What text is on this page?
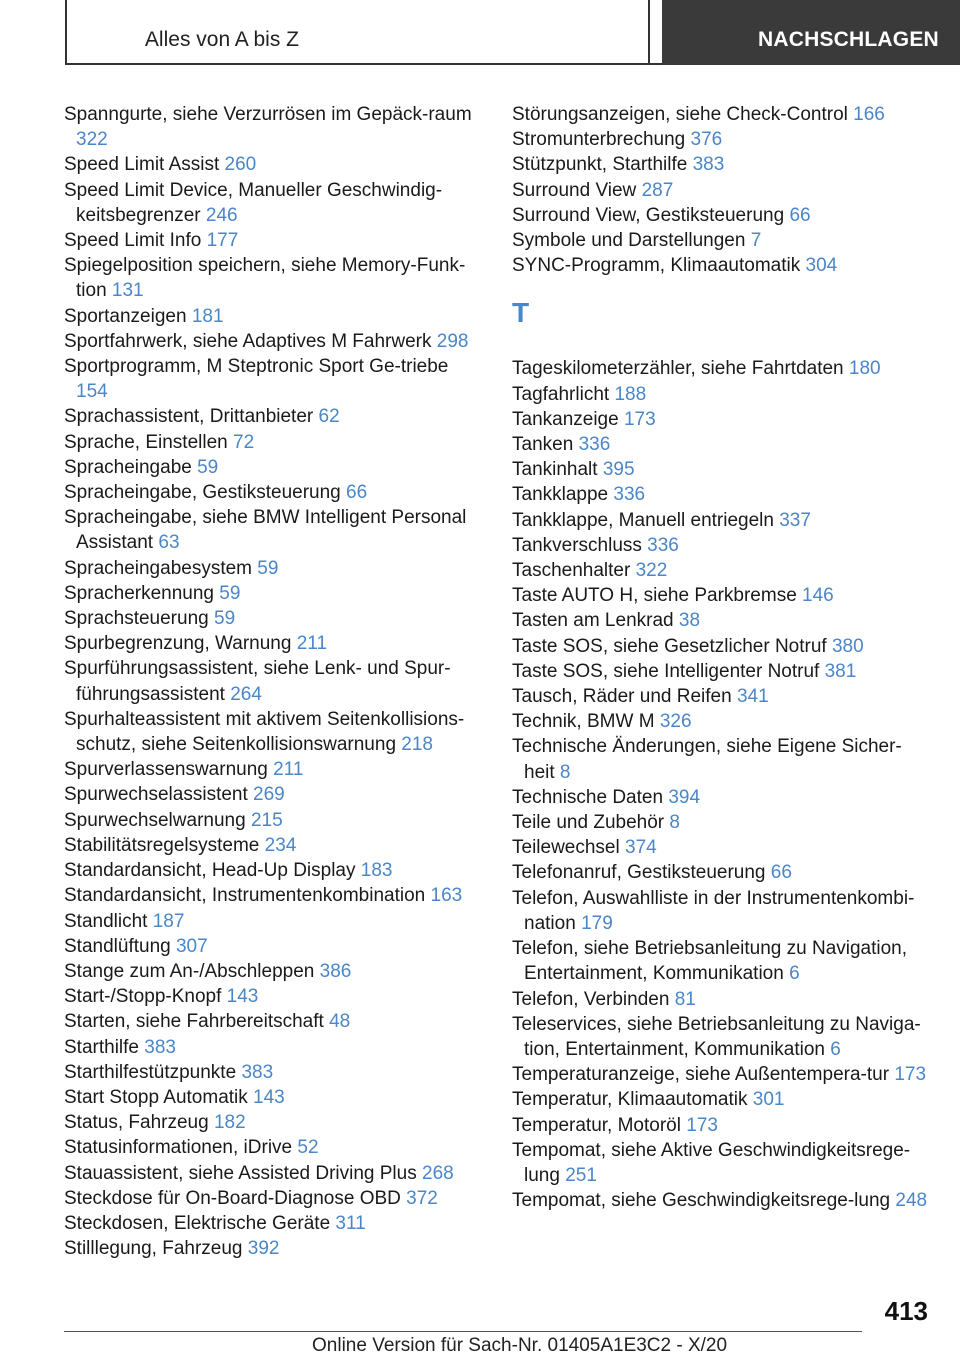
Alles von A bis Z	NACHSCHLAGEN
Spanngurte, siehe Verzurrösen im Gepäck-raum 322
Speed Limit Assist 260
Speed Limit Device, Manueller Geschwindig-keitsbegrenzer 246
Speed Limit Info 177
Spiegelposition speichern, siehe Memory-Funk-tion 131
Sportanzeigen 181
Sportfahrwerk, siehe Adaptives M Fahrwerk 298
Sportprogramm, M Steptronic Sport Ge-triebe 154
Sprachassistent, Drittanbieter 62
Sprache, Einstellen 72
Spracheingabe 59
Spracheingabe, Gestiksteuerung 66
Spracheingabe, siehe BMW Intelligent Personal Assistant 63
Spracheingabesystem 59
Spracherkennung 59
Sprachsteuerung 59
Spurbegrenzung, Warnung 211
Spurführungsassistent, siehe Lenk- und Spur-führungsassistent 264
Spurhalteassistent mit aktivem Seitenkollisions-schutz, siehe Seitenkollisionswarnung 218
Spurverlassenswarnung 211
Spurwechselassistent 269
Spurwechselwarnung 215
Stabilitätsregelsysteme 234
Standardansicht, Head-Up Display 183
Standardansicht, Instrumentenkombination 163
Standlicht 187
Standlüftung 307
Stange zum An-/Abschleppen 386
Start-/Stopp-Knopf 143
Starten, siehe Fahrbereitschaft 48
Starthilfe 383
Starthilfestützpunkte 383
Start Stopp Automatik 143
Status, Fahrzeug 182
Statusinformationen, iDrive 52
Stauassistent, siehe Assisted Driving Plus 268
Steckdose für On-Board-Diagnose OBD 372
Steckdosen, Elektrische Geräte 311
Stilllegung, Fahrzeug 392
Störungsanzeigen, siehe Check-Control 166
Stromunterbrechung 376
Stützpunkt, Starthilfe 383
Surround View 287
Surround View, Gestiksteuerung 66
Symbole und Darstellungen 7
SYNC-Programm, Klimaautomatik 304
T
Tageskilometerzähler, siehe Fahrtdaten 180
Tagfahrlicht 188
Tankanzeige 173
Tanken 336
Tankinhalt 395
Tankklappe 336
Tankklappe, Manuell entriegeln 337
Tankverschluss 336
Taschenhalter 322
Taste AUTO H, siehe Parkbremse 146
Tasten am Lenkrad 38
Taste SOS, siehe Gesetzlicher Notruf 380
Taste SOS, siehe Intelligenter Notruf 381
Tausch, Räder und Reifen 341
Technik, BMW M 326
Technische Änderungen, siehe Eigene Sicher-heit 8
Technische Daten 394
Teile und Zubehör 8
Teilewechsel 374
Telefonanruf, Gestiksteuerung 66
Telefon, Auswahlliste in der Instrumentenkombi-nation 179
Telefon, siehe Betriebsanleitung zu Navigation, Entertainment, Kommunikation 6
Telefon, Verbinden 81
Teleservices, siehe Betriebsanleitung zu Naviga-tion, Entertainment, Kommunikation 6
Temperaturanzeige, siehe Außentempera-tur 173
Temperatur, Klimaautomatik 301
Temperatur, Motoröl 173
Tempomat, siehe Aktive Geschwindigkeitsrege-lung 251
Tempomat, siehe Geschwindigkeitsrege-lung 248
413
Online Version für Sach-Nr. 01405A1E3C2 - X/20
